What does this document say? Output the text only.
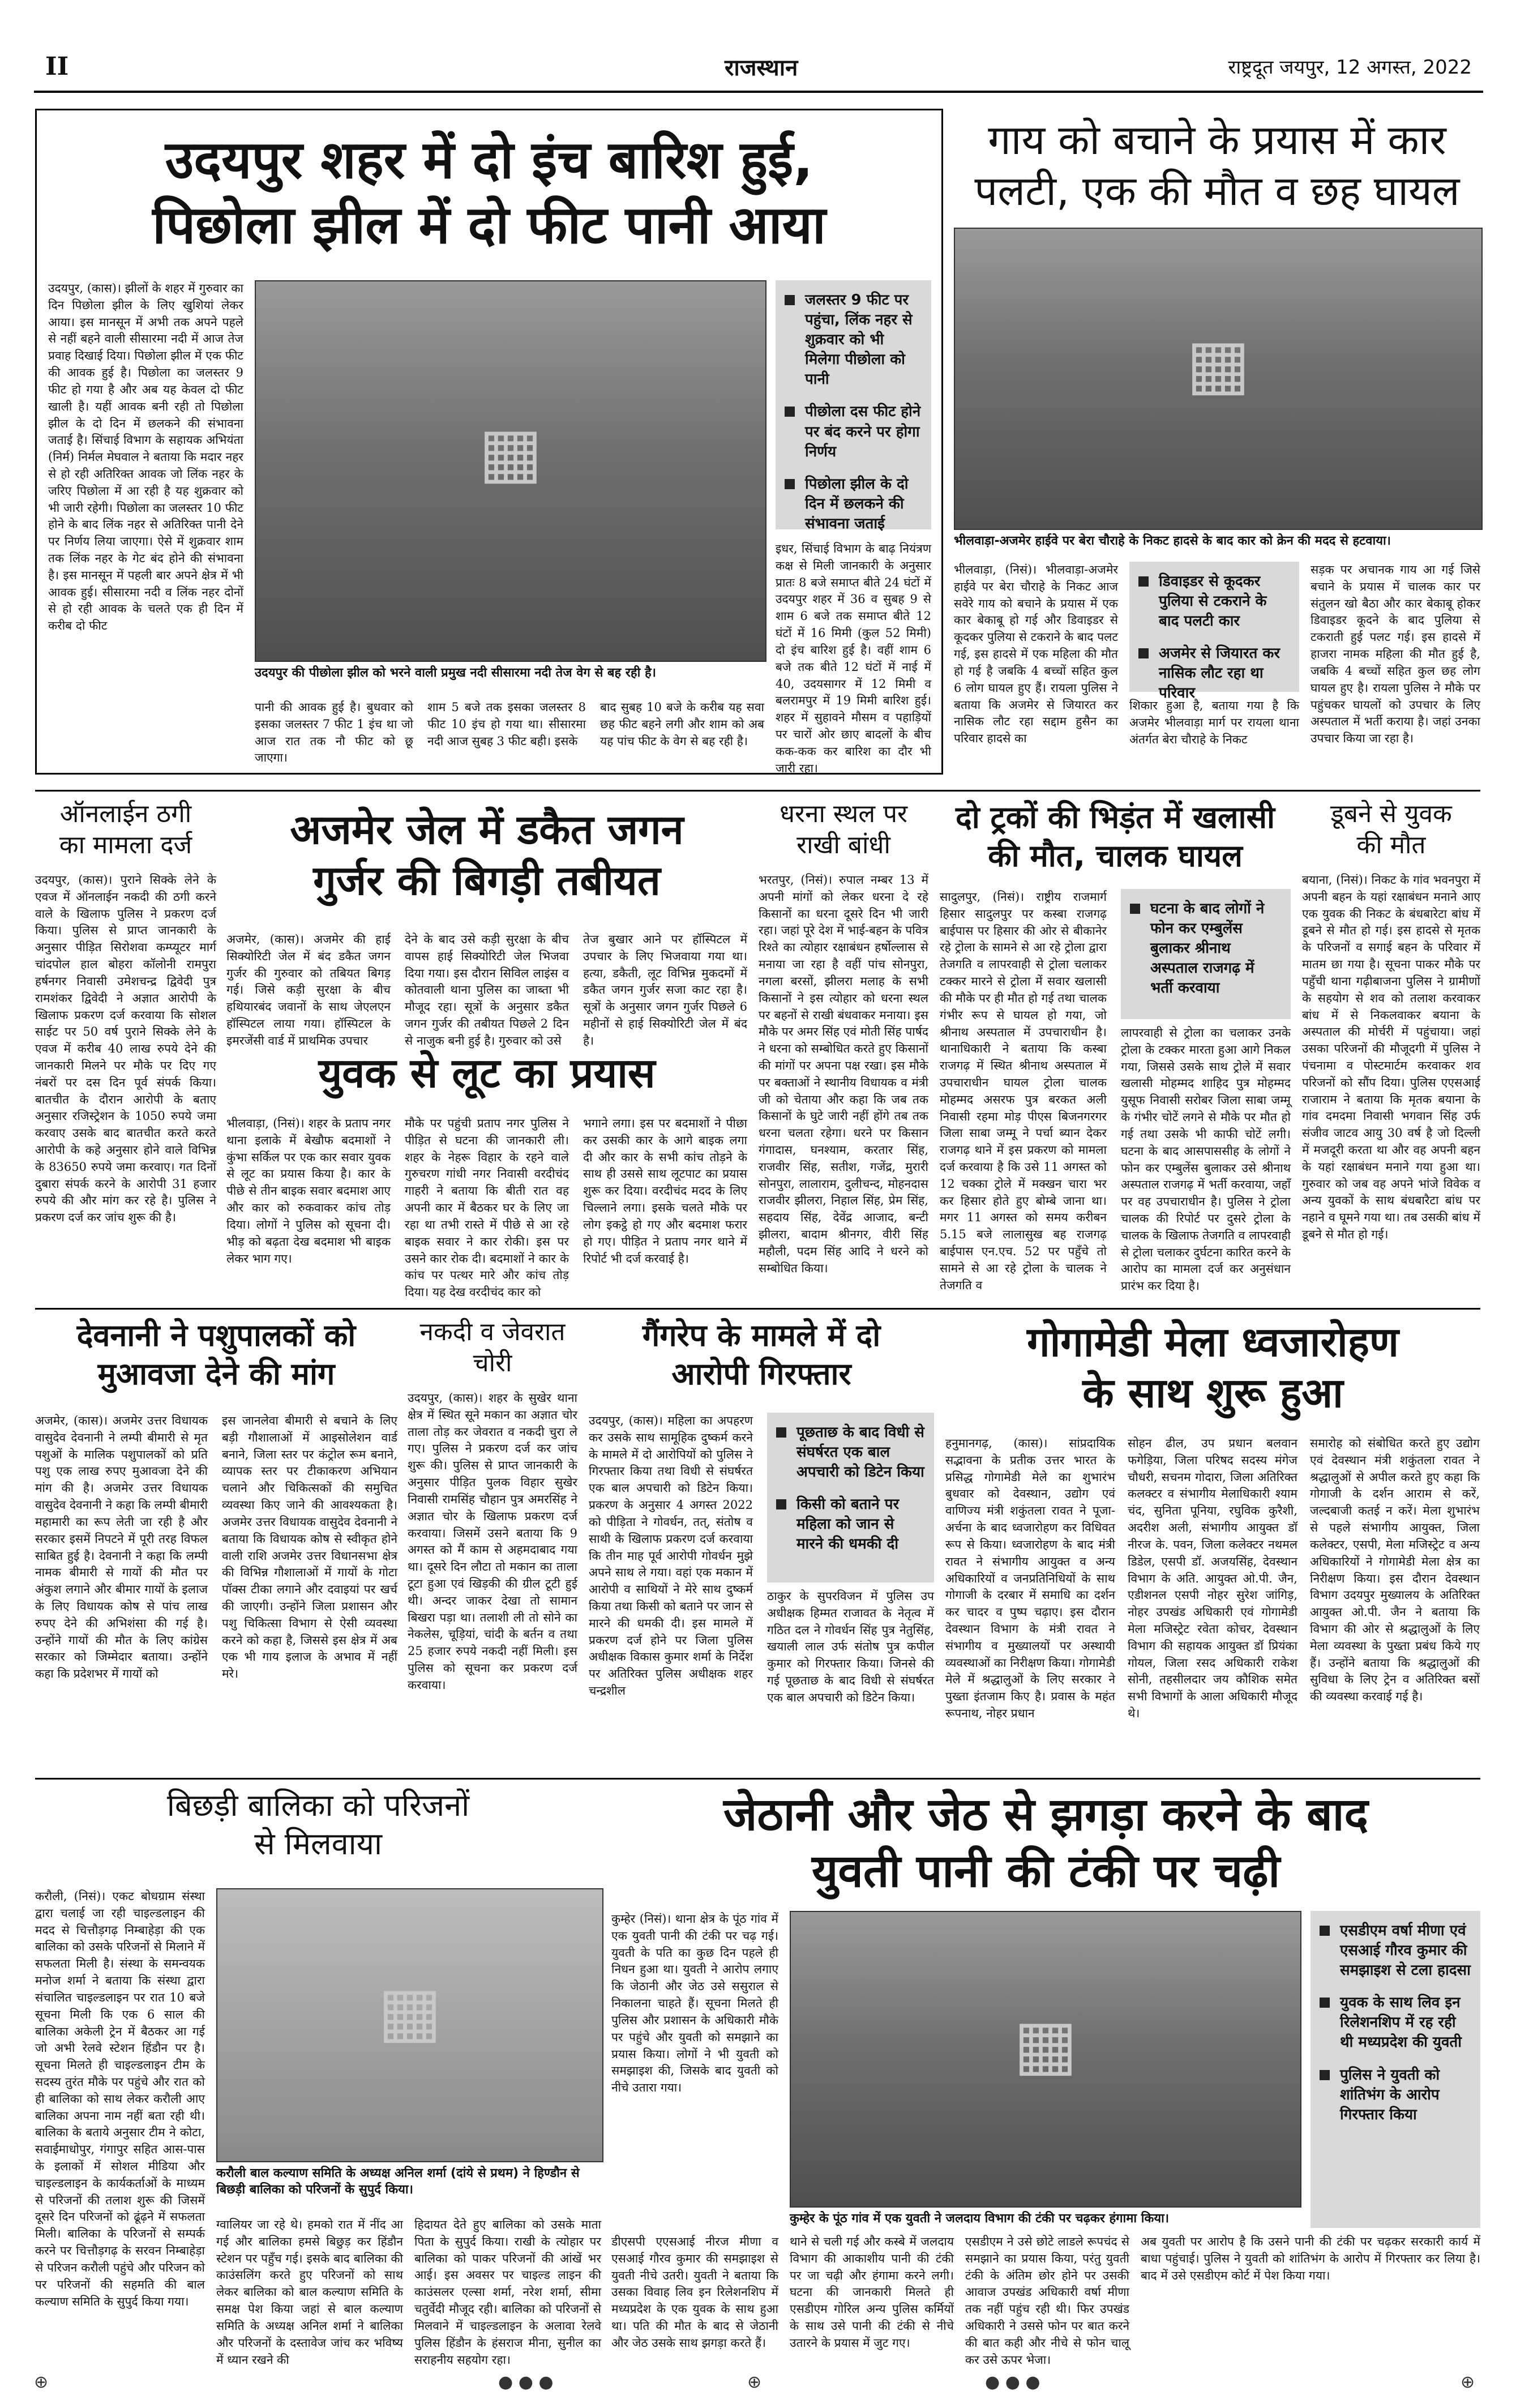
II	राजस्थान	राष्ट्रदूत जयपुर, 12 अगस्त, 2022
उदयपुर शहर में दो इंच बारिश हुई,
पिछोला झील में दो फीट पानी आया
उदयपुर, (कास)। झीलों के शहर में गुरुवार का दिन पिछोला झील के लिए खुशियां लेकर आया। इस मानसून में अभी तक अपने पहले से नहीं बहने वाली सीसारमा नदी में आज तेज प्रवाह दिखाई दिया। पिछोला झील में एक फीट की आवक हुई है। पिछोला का जलस्तर 9 फीट हो गया है और अब यह केवल दो फीट खाली है। यहीं आवक बनी रही तो पिछोला झील के दो दिन में छलकने की संभावना जताई है। सिंचाई विभाग के सहायक अभियंता (निर्म) निर्मल मेघवाल ने बताया कि मदार नहर से हो रही अतिरिक्त आवक जो लिंक नहर के जरिए पिछोला में आ रही है यह शुक्रवार को भी जारी रहेगी। पिछोला का जलस्तर 10 फीट होने के बाद लिंक नहर से अतिरिक्त पानी देने पर निर्णय लिया जाएगा। ऐसे में शुक्रवार शाम तक लिंक नहर के गेट बंद होने की संभावना है। इस मानसून में पहली बार अपने क्षेत्र में भी आवक हुई। सीसारमा नदी व लिंक नहर दोनों से हो रही आवक के चलते एक ही दिन में करीब दो फीट
▦
उदयपुर की पीछोला झील को भरने वाली प्रमुख नदी सीसारमा नदी तेज वेग से बह रही है।
पानी की आवक हुई है। बुधवार को इसका जलस्तर 7 फीट 1 इंच था जो आज रात तक नौ फीट को छू जाएगा।
शाम 5 बजे तक इसका जलस्तर 8 फीट 10 इंच हो गया था। सीसारमा नदी आज सुबह 3 फीट बही। इसके
बाद सुबह 10 बजे के करीब यह सवा छह फीट बहने लगी और शाम को अब यह पांच फीट के वेग से बह रही है।
जलस्तर 9 फीट पर पहुंचा, लिंक नहर से शुक्रवार को भी मिलेगा पीछोला को पानी
पीछोला दस फीट होने पर बंद करने पर होगा निर्णय
पिछोला झील के दो दिन में छलकने की संभावना जताई
इधर, सिंचाई विभाग के बाढ़ नियंत्रण कक्ष से मिली जानकारी के अनुसार प्रातः 8 बजे समाप्त बीते 24 घंटों में उदयपुर शहर में 36 व सुबह 9 से शाम 6 बजे तक समाप्त बीते 12 घंटों में 16 मिमी (कुल 52 मिमी) दो इंच बारिश हुई है। वहीं शाम 6 बजे तक बीते 12 घंटों में नाई में 40, उदयसागर में 12 मिमी व बलरामपुर में 19 मिमी बारिश हुई। शहर में सुहावने मौसम व पहाड़ियों पर चारों ओर छाए बादलों के बीच कक-कक कर बारिश का दौर भी जारी रहा।
गाय को बचाने के प्रयास में कार
पलटी, एक की मौत व छह घायल
▦
भीलवाड़ा-अजमेर हाईवे पर बेरा चौराहे के निकट हादसे के बाद कार को क्रेन की मदद से हटवाया।
भीलवाड़ा, (निसं)। भीलवाड़ा-अजमेर हाईवे पर बेरा चौराहे के निकट आज सवेरे गाय को बचाने के प्रयास में एक कार बेकाबू हो गई और डिवाइडर से कूदकर पुलिया से टकराने के बाद पलट गई, इस हादसे में एक महिला की मौत हो गई है जबकि 4 बच्चों सहित कुल 6 लोग घायल हुए हैं। रायला पुलिस ने बताया कि अजमेर से जियारत कर नासिक लौट रहा सद्दाम हुसैन का परिवार हादसे का
डिवाइडर से कूदकर पुलिया से टकराने के बाद पलटी कार
अजमेर से जियारत कर नासिक लौट रहा था परिवार
शिकार हुआ है, बताया गया है कि अजमेर भीलवाड़ा मार्ग पर रायला थाना अंतर्गत बेरा चौराहे के निकट
सड़क पर अचानक गाय आ गई जिसे बचाने के प्रयास में चालक कार पर संतुलन खो बैठा और कार बेकाबू होकर डिवाइडर कूदने के बाद पुलिया से टकराती हुई पलट गई। इस हादसे में हाजरा नामक महिला की मौत हुई है, जबकि 4 बच्चों सहित कुल छह लोग घायल हुए है। रायला पुलिस ने मौके पर पहुंचकर घायलों को उपचार के लिए अस्पताल में भर्ती कराया है। जहां उनका उपचार किया जा रहा है।
ऑनलाईन ठगी
का मामला दर्ज
उदयपुर, (कास)। पुराने सिक्के लेने के एवज में ऑनलाईन नकदी की ठगी करने वाले के खिलाफ पुलिस ने प्रकरण दर्ज किया। पुलिस से प्राप्त जानकारी के अनुसार पीड़ित सिरोशवा कम्प्यूटर मार्ग चांदपोल हाल बोहरा कॉलोनी रामपुरा हर्षनगर निवासी उमेशचन्द्र द्विवेदी पुत्र रामशंकर द्विवेदी ने अज्ञात आरोपी के खिलाफ प्रकरण दर्ज करवाया कि सोशल साईट पर 50 वर्ष पुराने सिक्के लेने के एवज में करीब 40 लाख रुपये देने की जानकारी मिलने पर मौके पर दिए गए नंबरों पर दस दिन पूर्व संपर्क किया। बातचीत के दौरान आरोपी के बताए अनुसार रजिस्ट्रेशन के 1050 रुपये जमा करवाए उसके बाद बातचीत करते करते आरोपी के कहे अनुसार होने वाले विभिन्न के 83650 रुपये जमा करवाए। गत दिनों दुबारा संपर्क करने के आरोपी 31 हजार रुपये की और मांग कर रहे है। पुलिस ने प्रकरण दर्ज कर जांच शुरू की है।
अजमेर जेल में डकैत जगन
गुर्जर की बिगड़ी तबीयत
अजमेर, (कास)। अजमेर की हाई सिक्योरिटी जेल में बंद डकैत जगन गुर्जर की गुरुवार को तबियत बिगड़ गई। जिसे कड़ी सुरक्षा के बीच हथियारबंद जवानों के साथ जेएलएन हॉस्पिटल लाया गया। हॉस्पिटल के इमरजेंसी वार्ड में प्राथमिक उपचार
देने के बाद उसे कड़ी सुरक्षा के बीच वापस हाई सिक्योरिटी जेल भिजवा दिया गया। इस दौरान सिविल लाइंस व कोतवाली थाना पुलिस का जाब्ता भी मौजूद रहा। सूत्रों के अनुसार डकैत जगन गुर्जर की तबीयत पिछले 2 दिन से नाजुक बनी हुई है। गुरुवार को उसे
तेज बुखार आने पर हॉस्पिटल में उपचार के लिए भिजवाया गया था। हत्या, डकैती, लूट विभिन्न मुकदमों में डकैत जगन गुर्जर सजा काट रहा है। सूत्रों के अनुसार जगन गुर्जर पिछले 6 महीनों से हाई सिक्योरिटी जेल में बंद है।
युवक से लूट का प्रयास
भीलवाड़ा, (निसं)। शहर के प्रताप नगर थाना इलाके में बेखौफ बदमाशों ने कुंभा सर्किल पर एक कार सवार युवक से लूट का प्रयास किया है। कार के पीछे से तीन बाइक सवार बदमाश आए और कार को रुकवाकर कांच तोड़ दिया। लोगों ने पुलिस को सूचना दी। भीड़ को बढ़ता देख बदमाश भी बाइक लेकर भाग गए।
मौके पर पहुंची प्रताप नगर पुलिस ने पीड़ित से घटना की जानकारी ली। शहर के नेहरू विहार के रहने वाले गुरुचरण गांधी नगर निवासी वरदीचंद गाहरी ने बताया कि बीती रात वह अपनी कार में बैठकर घर के लिए जा रहा था तभी रास्ते में पीछे से आ रहे बाइक सवार ने कार रोकी। इस पर उसने कार रोक दी। बदमाशों ने कार के कांच पर पत्थर मारे और कांच तोड़ दिया। यह देख वरदीचंद कार को
भगाने लगा। इस पर बदमाशों ने पीछा कर उसकी कार के आगे बाइक लगा दी और कार के सभी कांच तोड़ने के साथ ही उससे साथ लूटपाट का प्रयास शुरू कर दिया। वरदीचंद मदद के लिए चिल्लाने लगा। इसके चलते मौके पर लोग इकट्ठे हो गए और बदमाश फरार हो गए। पीड़ित ने प्रताप नगर थाने में रिपोर्ट भी दर्ज करवाई है।
धरना स्थल पर
राखी बांधी
भरतपुर, (निसं)। रुपाल नम्बर 13 में अपनी मांगों को लेकर धरना दे रहे किसानों का धरना दूसरे दिन भी जारी रहा। जहां पूरे देश में भाई-बहन के पवित्र रिश्ते का त्योहार रक्षाबंधन हर्षोल्लास से मनाया जा रहा है वहीं पांच सोनपुरा, नगला बरसों, झीलरा मलाह के सभी किसानों ने इस त्योहार को धरना स्थल पर बहनों से राखी बंधवाकर मनाया। इस मौके पर अमर सिंह एवं मोती सिंह पार्षद ने धरना को सम्बोधित करते हुए किसानों की मांगों पर अपना पक्ष रखा। इस मौके पर बक्ताओं ने स्थानीय विधायक व मंत्री जी को चेताया और कहा कि जब तक किसानों के घुटे जारी नहीं होंगे तब तक धरना चलता रहेगा। धरने पर किसान गंगादास, घनश्याम, करतार सिंह, राजवीर सिंह, सतीश, गजेंद्र, मुरारी सोनपुरा, लालाराम, दुलीचन्द, मोहनदास राजवीर झीलरा, निहाल सिंह, प्रेम सिंह, सहदाय सिंह, देवेंद्र आजाद, बन्टी झीलरा, बादाम श्रीनगर, वीरी सिंह महौली, पदम सिंह आदि ने धरने को सम्बोधित किया।
दो ट्रकों की भिड़ंत में खलासी
की मौत, चालक घायल
सादुलपुर, (निसं)। राष्ट्रीय राजमार्ग हिसार सादुलपुर पर कस्बा राजगढ़ बाईपास पर हिसार की ओर से बीकानेर रहे ट्रोला के सामने से आ रहे ट्रोला द्वारा तेजगति व लापरवाही से ट्रोला चलाकर टक्कर मारने से ट्रोला में सवार खलासी की मौके पर ही मौत हो गई तथा चालक गंभीर रूप से घायल हो गया, जो श्रीनाथ अस्पताल में उपचाराधीन है। थानाधिकारी ने बताया कि कस्बा राजगढ़ में स्थित श्रीनाथ अस्पताल में उपचाराधीन घायल ट्रोला चालक मोहम्मद असरफ पुत्र बरकत अली निवासी रहमा मोड़ पीएस बिजनगरगर जिला साबा जम्मू ने पर्चा ब्यान देकर राजगढ़ थाने में इस प्रकरण को मामला दर्ज करवाया है कि उसे 11 अगस्त को 12 चक्का ट्रोले में मक्खन चारा भर कर हिसार होते हुए बोम्बे जाना था। मगर 11 अगस्त को समय करीबन 5.15 बजे लालासुख बह राजगढ़ बाईपास एन.एच. 52 पर पहुँचे तो सामने से आ रहे ट्रोला के चालक ने तेजगति व
घटना के बाद लोगों ने फोन कर एम्बुलेंस बुलाकर श्रीनाथ अस्पताल राजगढ़ में भर्ती करवाया
लापरवाही से ट्रोला का चलाकर उनके ट्रोला के टक्कर मारता हुआ आगे निकल गया, जिससे उसके साथ ट्रोले में सवार खलासी मोहम्मद शाहिद पुत्र मोहम्मद युसूफ निवासी सरोबर जिला साबा जम्मू के गंभीर चोटें लगने से मौके पर मौत हो गई तथा उसके भी काफी चोटें लगी। घटना के बाद आसपाससीह के लोगों ने फोन कर एम्बुलेंस बुलाकर उसे श्रीनाथ अस्पताल राजगढ़ में भर्ती करवाया, जहाँ पर वह उपचाराधीन है। पुलिस ने ट्रोला चालक की रिपोर्ट पर दुसरे ट्रोला के चालक के खिलाफ तेजगति व लापरवाही से ट्रोला चलाकर दुर्घटना कारित करने के आरोप का मामला दर्ज कर अनुसंधान प्रारंभ कर दिया है।
डूबने से युवक
की मौत
बयाना, (निसं)। निकट के गांव भवनपुरा में अपनी बहन के यहां रक्षाबंधन मनाने आए एक युवक की निकट के बंधबारेटा बांध में डूबने से मौत हो गई। इस हादसे से मृतक के परिजनों व सगाई बहन के परिवार में मातम छा गया है। सूचना पाकर मौके पर पहुँची थाना गढ़ीबाजना पुलिस ने ग्रामीणों के सहयोग से शव को तलाश करवाकर बांध में से निकलवाकर बयाना के अस्पताल की मोर्चरी में पहुंचाया। जहां उसका परिजनों की मौजूदगी में पुलिस ने पंचनामा व पोस्टमार्टम करवाकर शव परिजनों को सौंप दिया। पुलिस एएसआई राजाराम ने बताया कि मृतक बयाना के गांव दमदमा निवासी भगवान सिंह उर्फ संजीव जाटव आयु 30 वर्ष है जो दिल्ली में मजदूरी करता था और वह अपनी बहन के यहां रक्षाबंधन मनाने गया हुआ था। गुरुवार को जब वह अपने भांजे विवेक व अन्य युवकों के साथ बंधबारैटा बांध पर नहाने व घूमने गया था। तब उसकी बांध में डूबने से मौत हो गई।
देवनानी ने पशुपालकों को
मुआवजा देने की मांग
अजमेर, (कास)। अजमेर उत्तर विधायक वासुदेव देवनानी ने लम्पी बीमारी से मृत पशुओं के मालिक पशुपालकों को प्रति पशु एक लाख रुपए मुआवजा देने की मांग की है। अजमेर उत्तर विधायक वासुदेव देवनानी ने कहा कि लम्पी बीमारी महामारी का रूप लेती जा रही है और सरकार इसमें निपटने में पूरी तरह विफल साबित हुई है। देवनानी ने कहा कि लम्पी नामक बीमारी से गायों की मौत पर अंकुश लगाने और बीमार गायों के इलाज के लिए विधायक कोष से पांच लाख रुपए देने की अभिशंसा की गई है। उन्होंने गायों की मौत के लिए कांग्रेस सरकार को जिम्मेदार बताया। उन्होंने कहा कि प्रदेशभर में गायों को
इस जानलेवा बीमारी से बचाने के लिए बड़ी गौशालाओं में आइसोलेशन वार्ड बनाने, जिला स्तर पर कंट्रोल रूम बनाने, व्यापक स्तर पर टीकाकरण अभियान चलाने और चिकित्सकों की समुचित व्यवस्था किए जाने की आवश्यकता है। अजमेर उत्तर विधायक वासुदेव देवनानी ने बताया कि विधायक कोष से स्वीकृत होने वाली राशि अजमेर उत्तर विधानसभा क्षेत्र की विभिन्न गौशालाओं में गायों के गोटा पॉक्स टीका लगाने और दवाइयां पर खर्च की जाएगी। उन्होंने जिला प्रशासन और पशु चिकित्सा विभाग से ऐसी व्यवस्था करने को कहा है, जिससे इस क्षेत्र में अब एक भी गाय इलाज के अभाव में नहीं मरे।
नकदी व जेवरात
चोरी
उदयपुर, (कास)। शहर के सुखेर थाना क्षेत्र में स्थित सूने मकान का अज्ञात चोर ताला तोड़ कर जेवरात व नकदी चुरा ले गए। पुलिस ने प्रकरण दर्ज कर जांच शुरू की। पुलिस से प्राप्त जानकारी के अनुसार पीड़ित पुलक विहार सुखेर निवासी रामसिंह चौहान पुत्र अमरसिंह ने अज्ञात चोर के खिलाफ प्रकरण दर्ज करवाया। जिसमें उसने बताया कि 9 अगस्त को मैं काम से अहमदाबाद गया था। दूसरे दिन लौटा तो मकान का ताला टूटा हुआ एवं खिड़की की ग्रील टूटी हुई थी। अन्दर जाकर देखा तो सामान बिखरा पड़ा था। तलाशी ली तो सोने का नेकलेस, चूड़ियां, चांदी के बर्तन व तथा 25 हजार रुपये नकदी नहीं मिली। इस पुलिस को सूचना कर प्रकरण दर्ज करवाया।
गैंगरेप के मामले में दो
आरोपी गिरफ्तार
उदयपुर, (कास)। महिला का अपहरण कर उसके साथ सामूहिक दुष्कर्म करने के मामले में दो आरोपियों को पुलिस ने गिरफ्तार किया तथा विधी से संघर्षरत एक बाल अपचारी को डिटेन किया। प्रकरण के अनुसार 4 अगस्त 2022 को पीड़िता ने गोवर्धन, तत्, संतोष व साथी के खिलाफ प्रकरण दर्ज करवाया कि तीन माह पूर्व आरोपी गोवर्धन मुझे अपने साथ ले गया। वहां एक मकान में आरोपी व साथियों ने मेरे साथ दुष्कर्म किया तथा किसी को बताने पर जान से मारने की धमकी दी। इस मामले में प्रकरण दर्ज होने पर जिला पुलिस अधीक्षक विकास कुमार शर्मा के निर्देश पर अतिरिक्त पुलिस अधीक्षक शहर चन्द्रशील
पूछताछ के बाद विधी से संघर्षरत एक बाल अपचारी को डिटेन किया
किसी को बताने पर महिला को जान से मारने की धमकी दी
ठाकुर के सुपरविजन में पुलिस उप अधीक्षक हिम्मत राजावत के नेतृत्व में गठित दल ने गोवर्धन सिंह पुत्र नेतुसिंह, खयाली लाल उर्फ संतोष पुत्र कपील कुमार को गिरफ्तार किया। जिनसे की गई पूछताछ के बाद विधी से संघर्षरत एक बाल अपचारी को डिटेन किया।
गोगामेडी मेला ध्वजारोहण
के साथ शुरू हुआ
हनुमानगढ़, (कास)। सांप्रदायिक सद्भावना के प्रतीक उत्तर भारत के प्रसिद्ध गोगामेडी मेले का शुभारंभ बुधवार को देवस्थान, उद्योग एवं वाणिज्य मंत्री शकुंतला रावत ने पूजा-अर्चना के बाद ध्वजारोहण कर विधिवत रूप से किया। ध्वजारोहण के बाद मंत्री रावत ने संभागीय आयुक्त व अन्य अधिकारियों व जनप्रतिनिधियों के साथ गोगाजी के दरबार में समाधि का दर्शन कर चादर व पुष्प चढ़ाए। इस दौरान देवस्थान विभाग के मंत्री रावत ने संभागीय व मुख्यालयों पर अस्थायी व्यवस्थाओं का निरीक्षण किया। गोगामेडी मेले में श्रद्धालुओं के लिए सरकार ने पुख्ता इंतजाम किए है। प्रवास के महंत रूपनाथ, नोहर प्रधान
सोहन ढील, उप प्रधान बलवान फगेड़िया, जिला परिषद सदस्य मंगेज चौधरी, सचनम गोदारा, जिला अतिरिक्त कलक्टर व संभागीय मेलाधिकारी श्याम चंद, सुनिता पूनिया, रघुविक कुरैशी, अदरीश अली, संभागीय आयुक्त डॉ नीरज के. पवन, जिला कलेक्टर नथमल डिडेल, एसपी डॉ. अजयसिंह, देवस्थान विभाग के अति. आयुक्त ओ.पी. जैन, एडीशनल एसपी नोहर सुरेश जांगिड़, नोहर उपखंड अधिकारी एवं गोगामेडी मेला मजिस्ट्रेट रवेता कोचर, देवस्थान विभाग की सहायक आयुक्त डॉ प्रियंका गोयल, जिला रसद अधिकारी राकेश सोनी, तहसीलदार जय कौशिक समेत सभी विभागों के आला अधिकारी मौजूद थे।
समारोह को संबोधित करते हुए उद्योग एवं देवस्थान मंत्री शकुंतला रावत ने श्रद्धालुओं से अपील करते हुए कहा कि गोगाजी के दर्शन आराम से करें, जल्दबाजी कतई न करें। मेला शुभारंभ से पहले संभागीय आयुक्त, जिला कलेक्टर, एसपी, मेला मजिस्ट्रेट व अन्य अधिकारियों ने गोगामेडी मेला क्षेत्र का निरीक्षण किया। इस दौरान देवस्थान विभाग उदयपुर मुख्यालय के अतिरिक्त आयुक्त ओ.पी. जैन ने बताया कि विभाग की ओर से श्रद्धालुओं के लिए मेला व्यवस्था के पुख्ता प्रबंध किये गए हैं। उन्होंने बताया कि श्रद्धालुओं की सुविधा के लिए ट्रेन व अतिरिक्त बसों की व्यवस्था करवाई गई है।
बिछड़ी बालिका को परिजनों
से मिलवाया
करौली, (निसं)। एकट बोधग्राम संस्था द्वारा चलाई जा रही चाइल्डलाइन की मदद से चित्तौड़गढ़ निम्बाहेड़ा की एक बालिका को उसके परिजनों से मिलाने में सफलता मिली है। संस्था के समन्वयक मनोज शर्मा ने बताया कि संस्था द्वारा संचालित चाइल्डलाइन पर रात 10 बजे सूचना मिली कि एक 6 साल की बालिका अकेली ट्रेन में बैठकर आ गई जो अभी रेलवे स्टेशन हिंडौन पर है। सूचना मिलते ही चाइल्डलाइन टीम के सदस्य तुरंत मौके पर पहुंचे और रात को ही बालिका को साथ लेकर करौली आए बालिका अपना नाम नहीं बता रही थी। बालिका के बताये अनुसार टीम ने कोटा, सवाईमाधोपुर, गंगापुर सहित आस-पास के इलाकों में सोशल मीडिया और चाइल्डलाइन के कार्यकर्ताओं के माध्यम से परिजनों की तलाश शुरू की जिसमें दूसरे दिन परिजनों को ढूंढ़ने में सफलता मिली। बालिका के परिजनों से सम्पर्क करने पर चित्तौड़गढ़ के सरवन निम्बाहेड़ा से परिजन करौली पहुंचे और परिजन को पर परिजनों की सहमति की बाल कल्याण समिति के सुपुर्द किया गया।
▦
करौली बाल कल्याण समिति के अध्यक्ष अनिल शर्मा (दांये से प्रथम) ने हिण्डौन से बिछड़ी बालिका को परिजनों के सुपुर्द किया।
ग्वालियर जा रहे थे। हमको रात में नींद आ गई और बालिका हमसे बिछुड़ कर हिंडौन स्टेशन पर पहुँच गई। इसके बाद बालिका की काउंसलिंग करते हुए परिजनों को साथ लेकर बालिका को बाल कल्याण समिति के समक्ष पेश किया जहां से बाल कल्याण समिति के अध्यक्ष अनिल शर्मा ने बालिका और परिजनों के दस्तावेज जांच कर भविष्य में ध्यान रखने की
हिदायत देते हुए बालिका को उसके माता पिता के सुपुर्द किया। राखी के त्योहार पर बालिका को पाकर परिजनों की आंखें भर आई। इस अवसर पर चाइल्ड लाइन की काउंसलर एल्सा शर्मा, नरेश शर्मा, सीमा चतुर्वेदी मौजूद रही। बालिका को परिजनों से मिलवाने में चाइल्डलाइन के अलावा रेलवे पुलिस हिंडौन के हंसराज मीना, सुनील का सराहनीय सहयोग रहा।
जेठानी और जेठ से झगड़ा करने के बाद
युवती पानी की टंकी पर चढ़ी
कुम्हेर (निसं)। थाना क्षेत्र के पूंठ गांव में एक युवती पानी की टंकी पर चढ़ गई। युवती के पति का कुछ दिन पहले ही निधन हुआ था। युवती ने आरोप लगाए कि जेठानी और जेठ उसे ससुराल से निकालना चाहते हैं। सूचना मिलते ही पुलिस और प्रशासन के अधिकारी मौके पर पहुंचे और युवती को समझाने का प्रयास किया। लोगों ने भी युवती को समझाइश की, जिसके बाद युवती को नीचे उतारा गया।
▦
कुम्हेर के पूंठ गांव में एक युवती ने जलदाय विभाग की टंकी पर चढ़कर हंगामा किया।
डीएसपी एएसआई नीरज मीणा व एसआई गौरव कुमार की समझाइश से युवती नीचे उतरी। युवती ने बताया कि उसका विवाह लिव इन रिलेशनशिप में मध्यप्रदेश के एक युवक के साथ हुआ था। पति की मौत के बाद से जेठानी और जेठ उसके साथ झगड़ा करते हैं।
थाने से चली गई और कस्बे में जलदाय विभाग की आकाशीय पानी की टंकी पर जा चढ़ी और हंगामा करने लगी। घटना की जानकारी मिलते ही एसडीएम गोरिल अन्य पुलिस कर्मियों के साथ उसे पानी की टंकी से नीचे उतारने के प्रयास में जुट गए।
एसडीएम ने उसे छोटे लाडले रूपचंद से समझाने का प्रयास किया, परंतु युवती टंकी के अंतिम छोर होने पर उसकी आवाज उपखंड अधिकारी वर्षा मीणा तक नहीं पहुंच रही थी। फिर उपखंड अधिकारी ने उससे फोन पर बात करने की बात कही और नीचे से फोन चालू कर उसे ऊपर भेजा।
एसडीएम वर्षा मीणा एवं एसआई गौरव कुमार की समझाइश से टला हादसा
युवक के साथ लिव इन रिलेशनशिप में रह रही थी मध्यप्रदेश की युवती
पुलिस ने युवती को शांतिभंग के आरोप गिरफ्तार किया
अब युवती पर आरोप है कि उसने पानी की टंकी पर चढ़कर सरकारी कार्य में बाधा पहुंचाई। पुलिस ने युवती को शांतिभंग के आरोप में गिरफ्तार कर लिया है। बाद में उसे एसडीएम कोर्ट में पेश किया गया।
⊕	● ● ●	⊕	● ● ●	⊕
